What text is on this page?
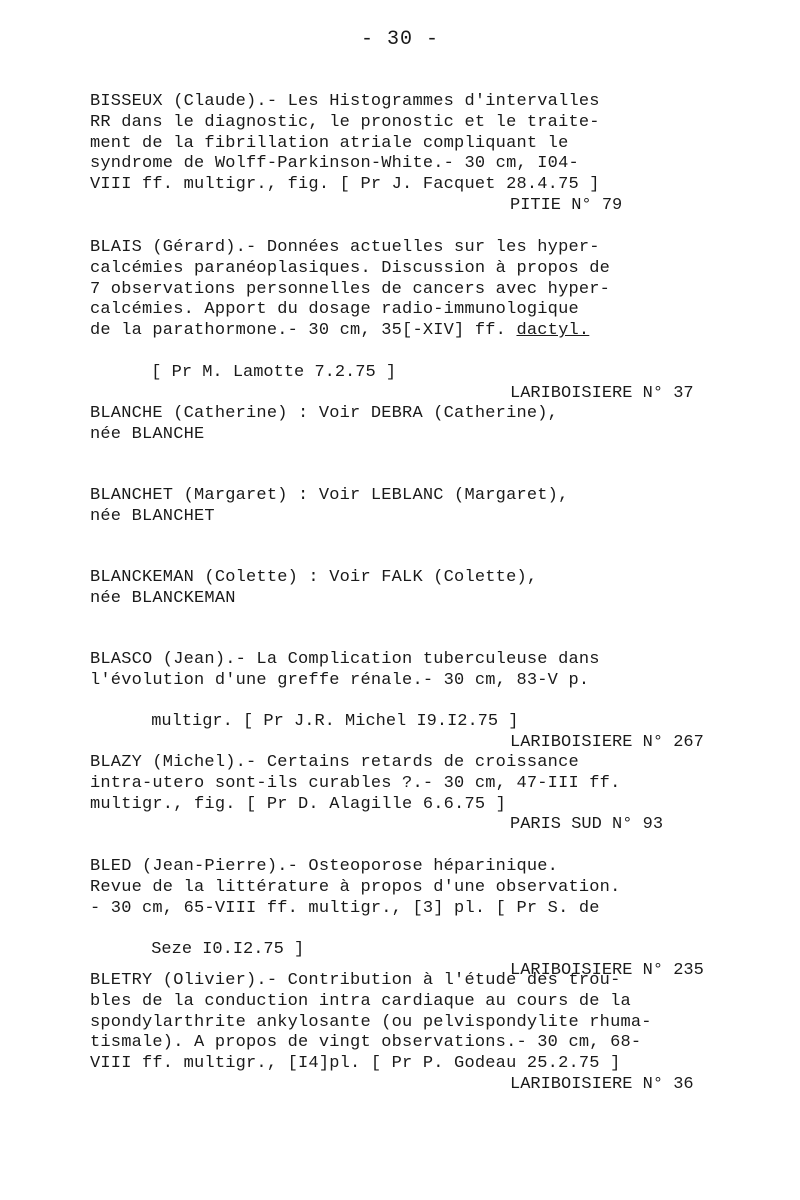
- 30 -
BISSEUX (Claude).- Les Histogrammes d'intervalles
RR dans le diagnostic, le pronostic et le traite-
ment de la fibrillation atriale compliquant le
syndrome de Wolff-Parkinson-White.- 30 cm, I04-
VIII ff. multigr., fig. [ Pr J. Facquet 28.4.75 ]
PITIE N° 79
BLAIS (Gérard).- Données actuelles sur les hyper-
calcémies paranéoplasiques. Discussion à propos de
7 observations personnelles de cancers avec hyper-
calcémies. Apport du dosage radio-immunologique
de la parathormone.- 30 cm, 35[-XIV] ff. dactyl.

[ Pr M. Lamotte 7.2.75 ]

LARIBOISIERE N° 37

BLANCHE (Catherine) : Voir DEBRA (Catherine),
née BLANCHE
BLANCHET (Margaret) : Voir LEBLANC (Margaret),
née BLANCHET
BLANCKEMAN (Colette) : Voir FALK (Colette),
née BLANCKEMAN
BLASCO (Jean).- La Complication tuberculeuse dans
l'évolution d'une greffe rénale.- 30 cm, 83-V p.

multigr. [ Pr J.R. Michel I9.I2.75 ]

LARIBOISIERE N° 267

BLAZY (Michel).- Certains retards de croissance
intra-utero sont-ils curables ?.- 30 cm, 47-III ff.
multigr., fig. [ Pr D. Alagille 6.6.75 ]
PARIS SUD N° 93
BLED (Jean-Pierre).- Osteoporose héparinique.
Revue de la littérature à propos d'une observation.
- 30 cm, 65-VIII ff. multigr., [3] pl. [ Pr S. de

Seze I0.I2.75 ]

LARIBOISIERE N° 235

BLETRY (Olivier).- Contribution à l'étude des trou-
bles de la conduction intra cardiaque au cours de la
spondylarthrite ankylosante (ou pelvispondylite rhuma-
tismale). A propos de vingt observations.- 30 cm, 68-
VIII ff. multigr., [I4]pl. [ Pr P. Godeau 25.2.75 ]
LARIBOISIERE N° 36
